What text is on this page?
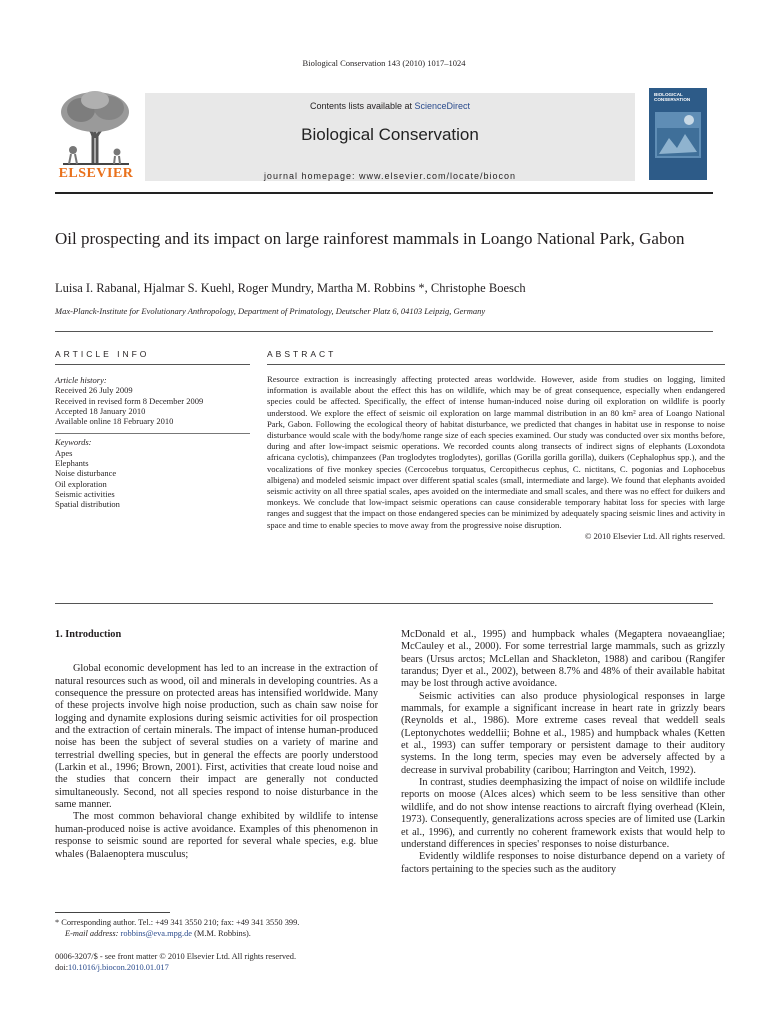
Biological Conservation 143 (2010) 1017–1024
ELSEVIER
Contents lists available at ScienceDirect
Biological Conservation
journal homepage: www.elsevier.com/locate/biocon
BIOLOGICAL CONSERVATION
Oil prospecting and its impact on large rainforest mammals in Loango National Park, Gabon
Luisa I. Rabanal, Hjalmar S. Kuehl, Roger Mundry, Martha M. Robbins *, Christophe Boesch
Max-Planck-Institute for Evolutionary Anthropology, Department of Primatology, Deutscher Platz 6, 04103 Leipzig, Germany
ARTICLE INFO	ABSTRACT
Article history:
Received 26 July 2009
Received in revised form 8 December 2009
Accepted 18 January 2010
Available online 18 February 2010
Keywords:
Apes
Elephants
Noise disturbance
Oil exploration
Seismic activities
Spatial distribution
Resource extraction is increasingly affecting protected areas worldwide. However, aside from studies on logging, limited information is available about the effect this has on wildlife, which may be of great consequence, especially when endangered species could be affected. Specifically, the effect of intense human-induced noise during oil exploration on wildlife is poorly understood. We explore the effect of seismic oil exploration on large mammal distribution in an 80 km² area of Loango National Park, Gabon. Following the ecological theory of habitat disturbance, we predicted that changes in habitat use in response to noise disturbance would scale with the body/home range size of each species examined. Our study was conducted over six months before, during and after low-impact seismic operations. We recorded counts along transects of indirect signs of elephants (Loxondota africana cyclotis), chimpanzees (Pan troglodytes troglodytes), gorillas (Gorilla gorilla gorilla), duikers (Cephalophus spp.), and the vocalizations of five monkey species (Cercocebus torquatus, Cercopithecus cephus, C. nictitans, C. pogonias and Lophocebus albigena) and modeled seismic impact over different spatial scales (small, intermediate and large). We found that elephants avoided seismic activity on all three spatial scales, apes avoided on the intermediate and small scales, and there was no effect for duikers and monkeys. We conclude that low-impact seismic operations can cause considerable temporary habitat loss for species with large ranges and suggest that the impact on those endangered species can be minimized by adequately spacing seismic lines and activity in space and time to enable species to move away from the progressive noise disruption.
© 2010 Elsevier Ltd. All rights reserved.
1. Introduction

Global economic development has led to an increase in the extraction of natural resources such as wood, oil and minerals in developing countries. As a consequence the pressure on protected areas has intensified worldwide. Many of these projects involve high noise production, such as chain saw noise for logging and dynamite explosions during seismic activities for oil prospection and the extraction of certain minerals. The impact of intense human-produced noise has been the subject of several studies on a variety of marine and terrestrial dwelling species, but in general the effects are poorly understood (Larkin et al., 1996; Brown, 2001). First, activities that create loud noise and the studies that concern their impact are generally not conducted simultaneously. Second, not all species respond to noise disturbance in the same manner.

The most common behavioral change exhibited by wildlife to intense human-produced noise is active avoidance. Examples of this phenomenon in response to seismic sound are reported for several whale species, e.g. blue whales (Balaenoptera musculus;

McDonald et al., 1995) and humpback whales (Megaptera novaeangliae; McCauley et al., 2000). For some terrestrial large mammals, such as grizzly bears (Ursus arctos; McLellan and Shackleton, 1988) and caribou (Rangifer tarandus; Dyer et al., 2002), between 8.7% and 48% of their available habitat may be lost through active avoidance.

Seismic activities can also produce physiological responses in large mammals, for example a significant increase in heart rate in grizzly bears (Reynolds et al., 1986). More extreme cases reveal that weddell seals (Leptonychotes weddellii; Bohne et al., 1985) and humpback whales (Ketten et al., 1993) can suffer temporary or persistent damage to their auditory systems. In the long term, species may even be adversely affected by a decrease in survival probability (caribou; Harrington and Veitch, 1992).

In contrast, studies deemphasizing the impact of noise on wildlife include reports on moose (Alces alces) which seem to be less sensitive than other wildlife, and do not show intense reactions to aircraft flying overhead (Klein, 1973). Consequently, generalizations across species are of limited use (Larkin et al., 1996), and currently no coherent framework exists that would help to understand differences in species' responses to noise disturbance.

Evidently wildlife responses to noise disturbance depend on a variety of factors pertaining to the species such as the auditory

* Corresponding author. Tel.: +49 341 3550 210; fax: +49 341 3550 399.
E-mail address: robbins@eva.mpg.de (M.M. Robbins).
0006-3207/$ - see front matter © 2010 Elsevier Ltd. All rights reserved.
doi:10.1016/j.biocon.2010.01.017
